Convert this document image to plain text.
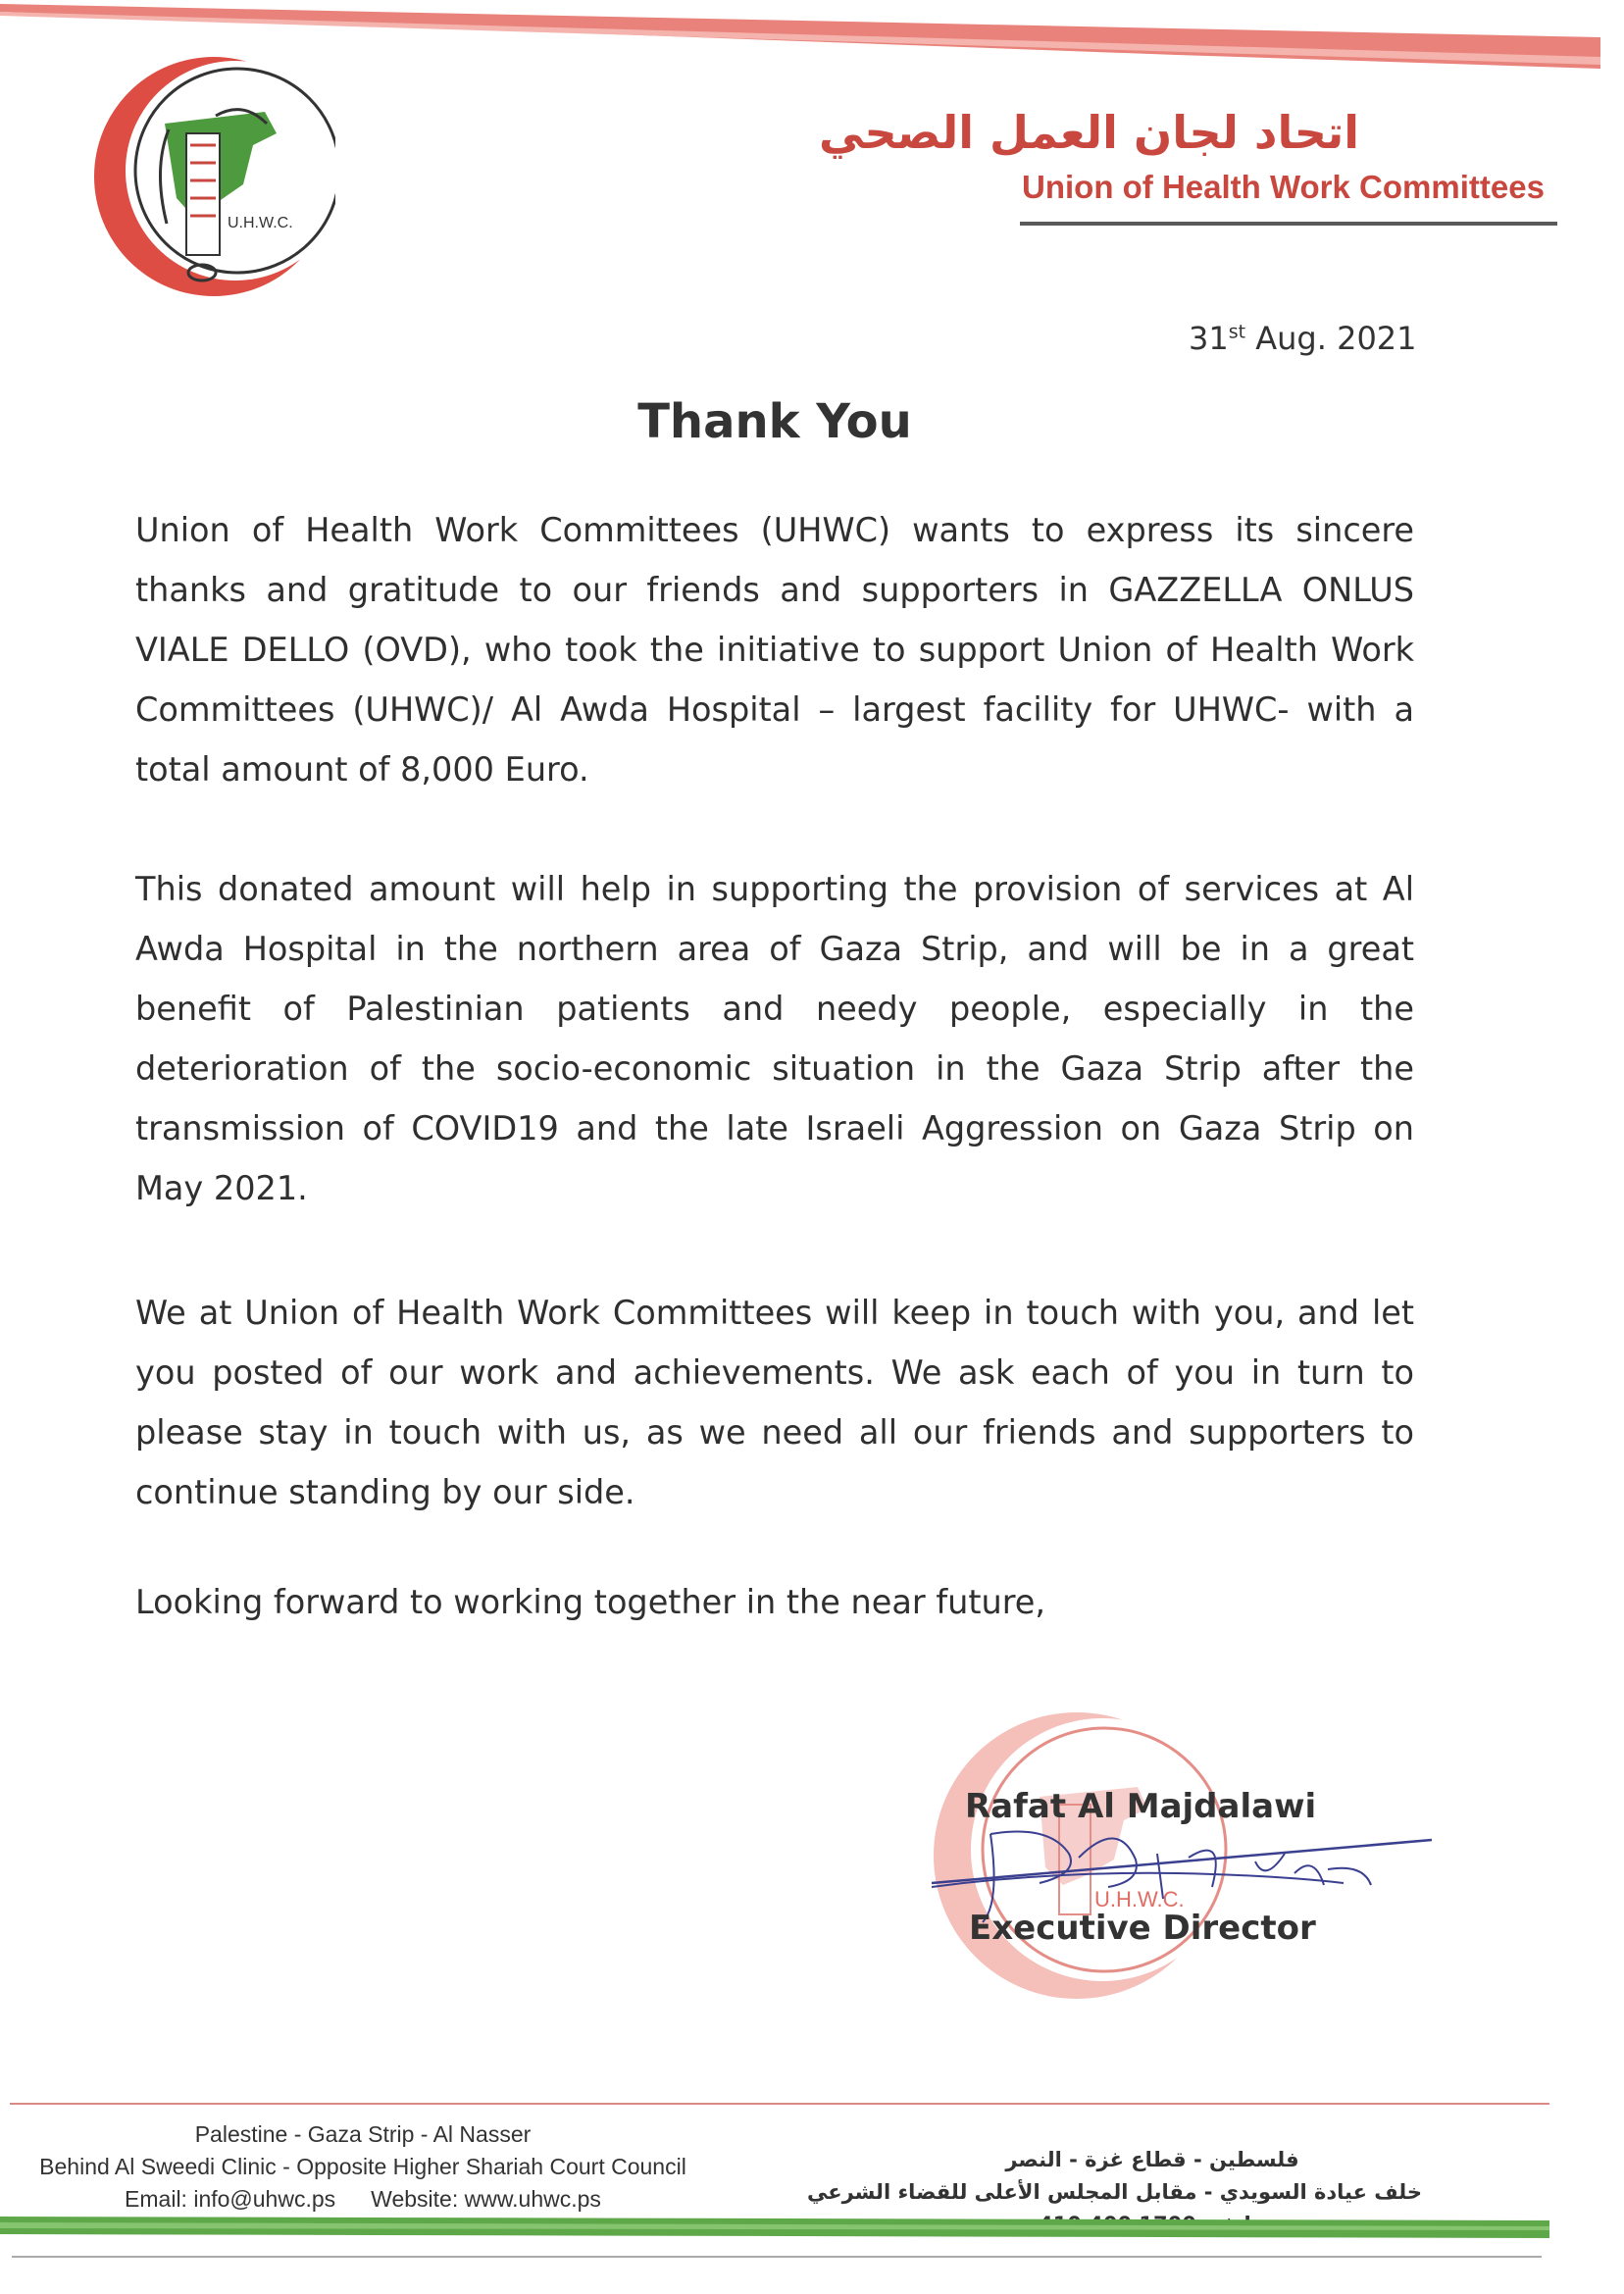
U.H.W.C.
اتحاد لجان العمل الصحي
Union of Health Work Committees
31st Aug. 2021
Thank You
Union of Health Work Committees (UHWC) wants to express its sincere thanks and gratitude to our friends and supporters in GAZZELLA ONLUS VIALE DELLO (OVD), who took the initiative to support Union of Health Work Committees (UHWC)/ Al Awda Hospital – largest facility for UHWC- with a total amount of 8,000 Euro.
This donated amount will help in supporting the provision of services at Al Awda Hospital in the northern area of Gaza Strip, and will be in a great benefit of Palestinian patients and needy people, especially in the deterioration of the socio-economic situation in the Gaza Strip after the transmission of COVID19 and the late Israeli Aggression on Gaza Strip on May 2021.
We at Union of Health Work Committees will keep in touch with you, and let you posted of our work and achievements. We ask each of you in turn to please stay in touch with us, as we need all our friends and supporters to continue standing by our side.
Looking forward to working together in the near future,
U.H.W.C.
Rafat Al Majdalawi
Executive Director
Palestine - Gaza Strip - Al Nasser
Behind Al Sweedi Clinic - Opposite Higher Shariah Court Council
Email: info@uhwc.ps Website: www.uhwc.ps
فلسطين - قطاع غزة - النصر
خلف عيادة السويدي - مقابل المجلس الأعلى للقضاء الشرعي
